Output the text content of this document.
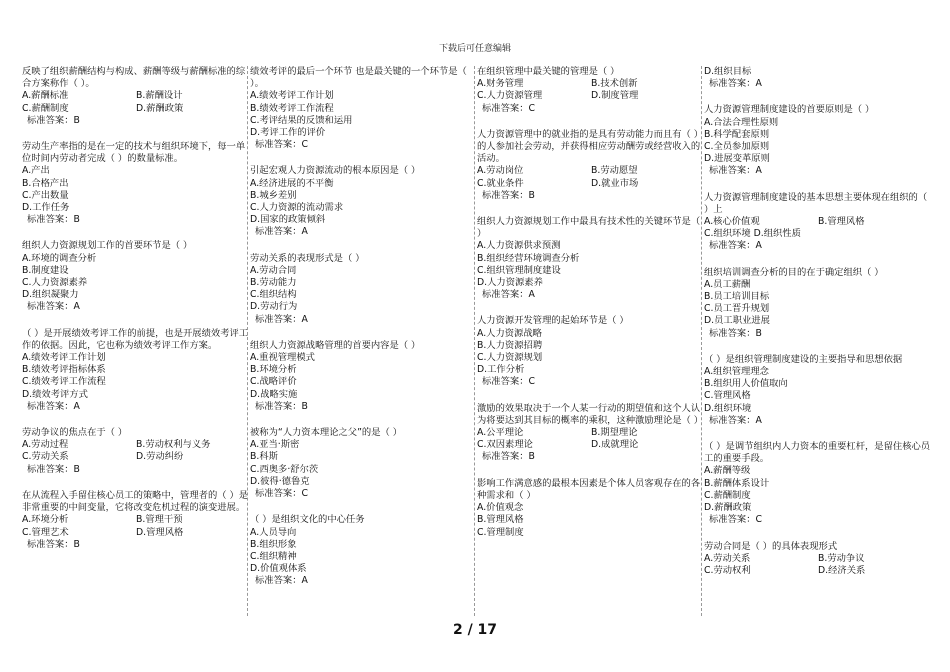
下载后可任意编辑
反映了组织薪酬结构与构成、薪酬等级与薪酬标准的综合方案称作（ ）。
A.薪酬标准	B.薪酬设计
C.薪酬制度	D.薪酬政策
标准答案：B
劳动生产率指的是在一定的技术与组织环境下，每一单位时间内劳动者完成（ ）的数量标准。
A.产出
B.合格产出
C.产出数量
D.工作任务
标准答案：B
组织人力资源规划工作的首要环节是（ ）
A.环境的调查分析
B.制度建设
C.人力资源素养
D.组织凝聚力
标准答案：A
（ ）是开展绩效考评工作的前提，也是开展绩效考评工作的依据。因此，它也称为绩效考评工作方案。
A.绩效考评工作计划
B.绩效考评指标体系
C.绩效考评工作流程
D.绩效考评方式
标准答案：A
劳动争议的焦点在于（ ）
A.劳动过程	B.劳动权利与义务
C.劳动关系	D.劳动纠纷
标准答案：B
在从流程入手留住核心员工的策略中，管理者的（ ）是非常重要的中间变量，它将改变危机过程的演变进展。
A.环境分析	B.管理干预
C.管理艺术	D.管理风格
标准答案：B
绩效考评的最后一个环节 也是最关键的一个环节是（ ）。
A.绩效考评工作计划
B.绩效考评工作流程
C.考评结果的反馈和运用
D.考评工作的评价
标准答案：C
引起宏观人力资源流动的根本原因是（ ）
A.经济进展的不平衡
B.城乡差别
C.人力资源的流动需求
D.国家的政策倾斜
标准答案：A
劳动关系的表现形式是（ ）
A.劳动合同
B.劳动能力
C.组织结构
D.劳动行为
标准答案：A
组织人力资源战略管理的首要内容是（ ）
A.重视管理模式
B.环境分析
C.战略评价
D.战略实施
标准答案：B
被称为“人力资本理论之父”的是（ ）
A.亚当·斯密
B.科斯
C.西奥多·舒尔茨
D.彼得·德鲁克
标准答案：C
（ ）是组织文化的中心任务
A.人员导向
B.组织形象
C.组织精神
D.价值观体系
标准答案：A
在组织管理中最关键的管理是（ ）
A.财务管理	B.技术创新
C.人力资源管理	D.制度管理
标准答案：C
人力资源管理中的就业指的是具有劳动能力而且有（ ）的人参加社会劳动，并获得相应劳动酬劳或经营收入的活动。
A.劳动岗位	B.劳动愿望
C.就业条件	D.就业市场
标准答案：B
组织人力资源规划工作中最具有技术性的关键环节是（ ）
A.人力资源供求预测
B.组织经营环境调查分析
C.组织管理制度建设
D.人力资源素养
标准答案：A
人力资源开发管理的起始环节是（ ）
A.人力资源战略
B.人力资源招聘
C.人力资源规划
D.工作分析
标准答案：C
激励的效果取决于一个人某一行动的期望值和这个人认为将要达到其目标的概率的乘积，这种激励理论是（ ）
A.公平理论	B.期望理论
C.双因素理论	D.成就理论
标准答案：B
影响工作满意感的最根本因素是个体人员客观存在的各种需求和（ ）
A.价值观念
B.管理风格
C.管理制度
D.组织目标
标准答案：A
人力资源管理制度建设的首要原则是（ ）
A.合法合理性原则
B.科学配套原则
C.全员参加原则
D.进展变革原则
标准答案：A
人力资源管理制度建设的基本思想主要体现在组织的（ ）上
A.核心价值观	B.管理风格
C.组织环境 D.组织性质
标准答案：A
组织培训调查分析的目的在于确定组织（ ）
A.员工薪酬
B.员工培训目标
C.员工晋升规划
D.员工职业进展
标准答案：B
（ ）是组织管理制度建设的主要指导和思想依据
A.组织管理理念
B.组织用人价值取向
C.管理风格
D.组织环境
标准答案：A
（ ）是调节组织内人力资本的重要杠杆，是留住核心员工的重要手段。
A.薪酬等级
B.薪酬体系设计
C.薪酬制度
D.薪酬政策
标准答案：C
劳动合同是（ ）的具体表现形式
A.劳动关系	B.劳动争议
C.劳动权利	D.经济关系
2 / 17
